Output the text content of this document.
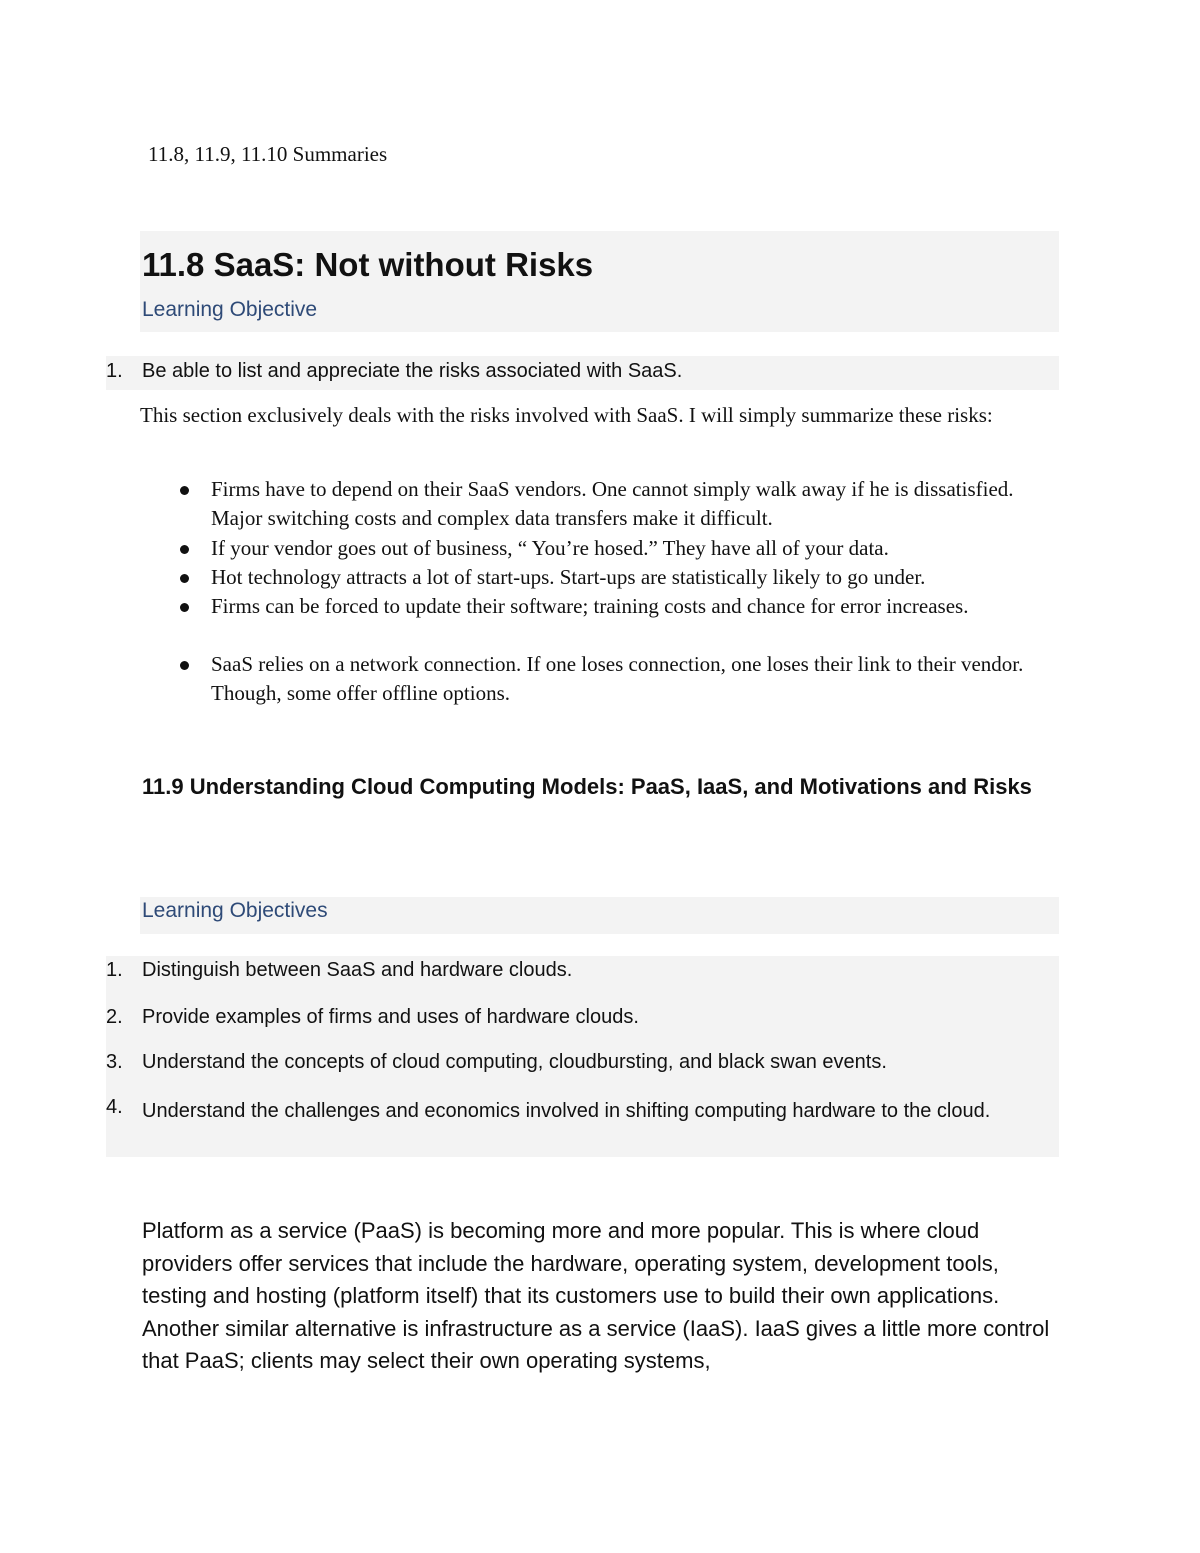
11.8, 11.9, 11.10 Summaries
11.8 SaaS: Not without Risks
Learning Objective
1. Be able to list and appreciate the risks associated with SaaS.
This section exclusively deals with the risks involved with SaaS. I will simply summarize these risks:
Firms have to depend on their SaaS vendors. One cannot simply walk away if he is dissatisfied. Major switching costs and complex data transfers make it difficult.
If your vendor goes out of business, “ You’re hosed.” They have all of your data.
Hot technology attracts a lot of start-ups. Start-ups are statistically likely to go under.
Firms can be forced to update their software; training costs and chance for error increases.
SaaS relies on a network connection. If one loses connection, one loses their link to their vendor. Though, some offer offline options.
11.9 Understanding Cloud Computing Models: PaaS, IaaS, and Motivations and Risks
Learning Objectives
1. Distinguish between SaaS and hardware clouds.
2. Provide examples of firms and uses of hardware clouds.
3. Understand the concepts of cloud computing, cloudbursting, and black swan events.
4. Understand the challenges and economics involved in shifting computing hardware to the cloud.
Platform as a service (PaaS) is becoming more and more popular. This is where cloud providers offer services that include the hardware, operating system, development tools, testing and hosting (platform itself) that its customers use to build their own applications. Another similar alternative is infrastructure as a service (IaaS). IaaS gives a little more control that PaaS; clients may select their own operating systems,
